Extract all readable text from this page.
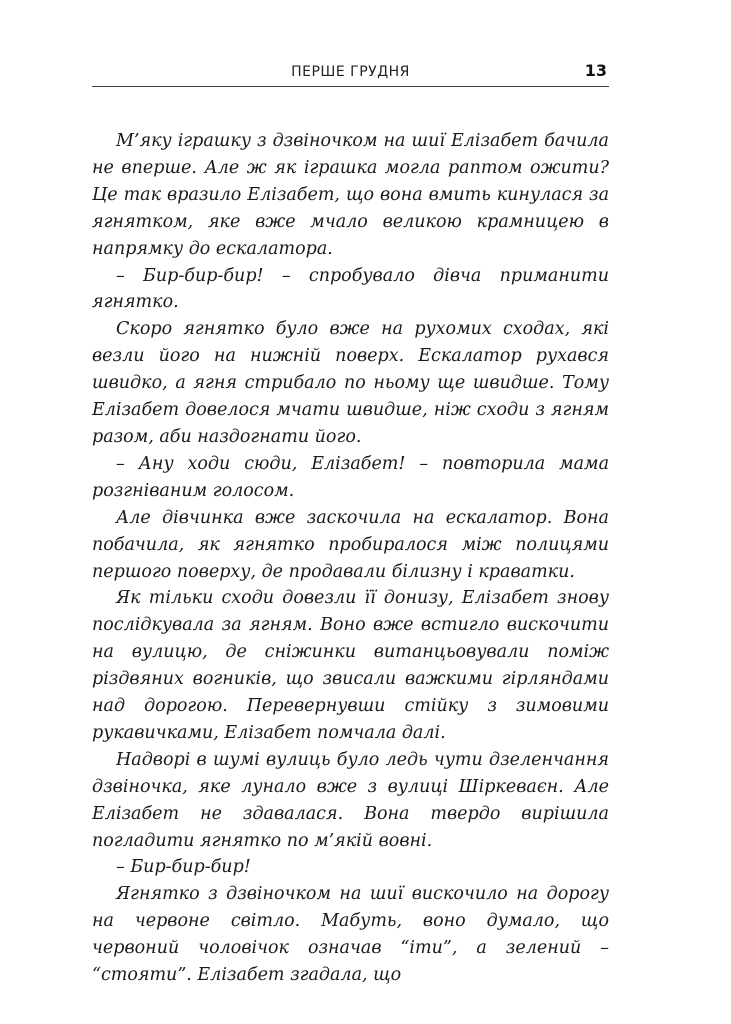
ПЕРШЕ ГРУДНЯ	13

М’яку іграшку з дзвіночком на шиї Елізабет бачила не вперше. Але ж як іграшка могла раптом ожити? Це так вразило Елізабет, що вона вмить кинулася за ягнятком, яке вже мчало великою крамницею в напрямку до ескалатора.

– Бир-бир-бир! – спробувало дівча приманити ягнятко.

Скоро ягнятко було вже на рухомих сходах, які везли його на нижній поверх. Ескалатор рухався швидко, а ягня стрибало по ньому ще швидше. Тому Елізабет довелося мчати швидше, ніж сходи з ягням разом, аби наздогнати його.

– Ану ходи сюди, Елізабет! – повторила мама розгніваним голосом.

Але дівчинка вже заскочила на ескалатор. Вона побачила, як ягнятко пробиралося між полицями першого поверху, де продавали білизну і краватки.

Як тільки сходи довезли її донизу, Елізабет знову послідкувала за ягням. Воно вже встигло вискочити на вулицю, де сніжинки витанцьовували поміж різдвяних вогників, що звисали важкими гірляндами над дорогою. Перевернувши стійку з зимовими рукавичками, Елізабет помчала далі.

Надворі в шумі вулиць було ледь чути дзеленчання дзвіночка, яке лунало вже з вулиці Шіркеваєн. Але Елізабет не здавалася. Вона твердо вирішила погладити ягнятко по м’якій вовні.

– Бир-бир-бир!

Ягнятко з дзвіночком на шиї вискочило на дорогу на червоне світло. Мабуть, воно думало, що червоний чоловічок означав “іти”, а зелений – “стояти”. Елізабет згадала, що
